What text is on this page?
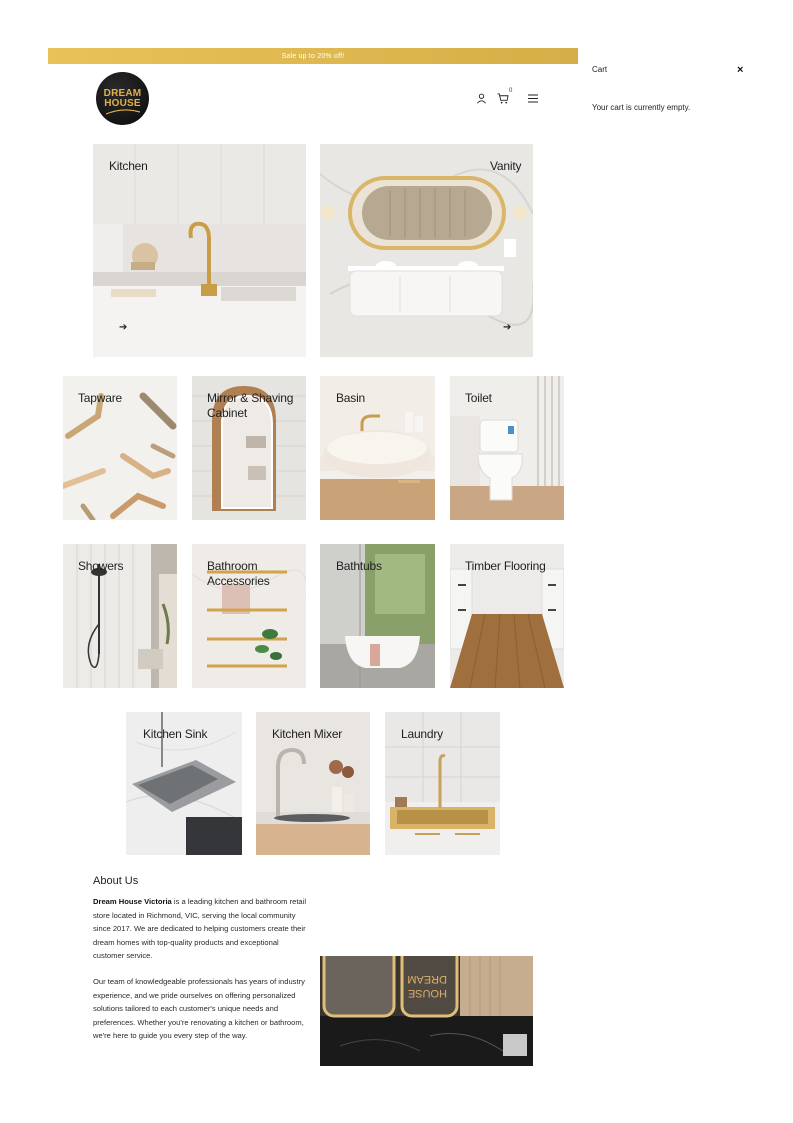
Sale up to 20% off!
DREAM
HOUSE
0
Kitchen
➔
Vanity
➔
Tapware	Mirror & Shaving Cabinet
Basin	Toilet
Showers	Bathroom Accessories
Bathtubs	Timber Flooring
Kitchen Sink	Kitchen Mixer	Laundry
About Us

Dream House Victoria is a leading kitchen and bathroom retail store located in Richmond, VIC, serving the local community since 2017. We are dedicated to helping customers create their dream homes with top-quality products and exceptional customer service.

Our team of knowledgeable professionals has years of industry experience, and we pride ourselves on offering personalized solutions tailored to each customer's unique needs and preferences. Whether you're renovating a kitchen or bathroom, we're here to guide you every step of the way.

DREAM
HOUSE
Cart	×
Your cart is currently empty.
